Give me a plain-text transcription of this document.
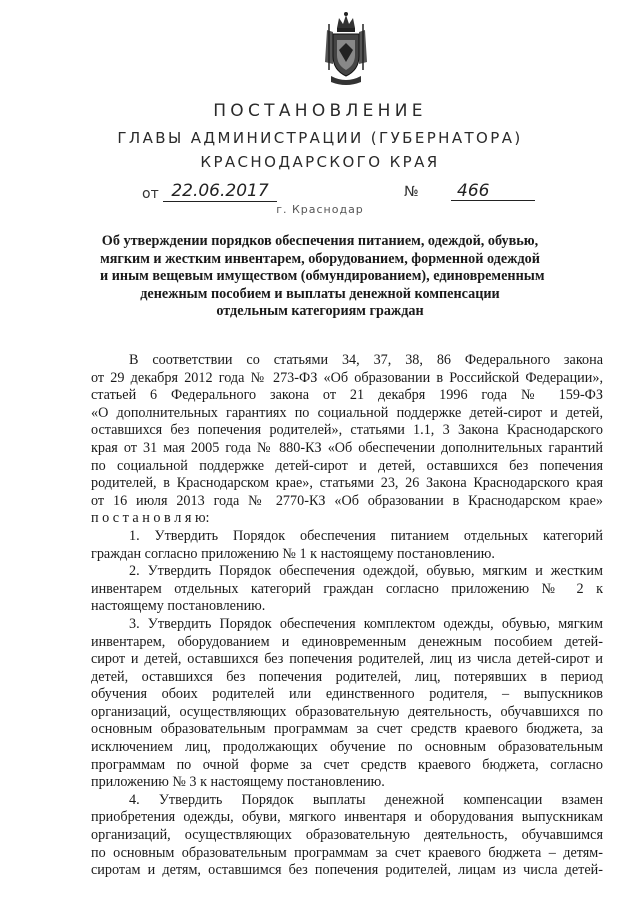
ПОСТАНОВЛЕНИЕ
ГЛАВЫ АДМИНИСТРАЦИИ (ГУБЕРНАТОРА)
КРАСНОДАРСКОГО КРАЯ
от 22.06.2017	№	466
г. Краснодар
Об утверждении порядков обеспечения питанием, одеждой, обувью,
мягким и жестким инвентарем, оборудованием, форменной одеждой
и иным вещевым имуществом (обмундированием), единовременным
денежным пособием и выплаты денежной компенсации
отдельным категориям граждан
В соответствии со статьями 34, 37, 38, 86 Федерального закона
от 29 декабря 2012 года № 273-ФЗ «Об образовании в Российской Федерации»,
статьей 6 Федерального закона от 21 декабря 1996 года № 159-ФЗ
«О дополнительных гарантиях по социальной поддержке детей-сирот и детей,
оставшихся без попечения родителей», статьями 1.1, 3 Закона Краснодарского
края от 31 мая 2005 года № 880-КЗ «Об обеспечении дополнительных гарантий
по социальной поддержке детей-сирот и детей, оставшихся без попечения
родителей, в Краснодарском крае», статьями 23, 26 Закона Краснодарского края
от 16 июля 2013 года № 2770-КЗ «Об образовании в Краснодарском крае»
п о с т а н о в л я ю:
1. Утвердить Порядок обеспечения питанием отдельных категорий
граждан согласно приложению № 1 к настоящему постановлению.
2. Утвердить Порядок обеспечения одеждой, обувью, мягким и жестким
инвентарем отдельных категорий граждан согласно приложению № 2 к
настоящему постановлению.
3. Утвердить Порядок обеспечения комплектом одежды, обувью, мягким
инвентарем, оборудованием и единовременным денежным пособием детей-
сирот и детей, оставшихся без попечения родителей, лиц из числа детей-сирот и
детей, оставшихся без попечения родителей, лиц, потерявших в период
обучения обоих родителей или единственного родителя, – выпускников
организаций, осуществляющих образовательную деятельность, обучавшихся по
основным образовательным программам за счет средств краевого бюджета, за
исключением лиц, продолжающих обучение по основным образовательным
программам по очной форме за счет средств краевого бюджета, согласно
приложению № 3 к настоящему постановлению.
4. Утвердить Порядок выплаты денежной компенсации взамен
приобретения одежды, обуви, мягкого инвентаря и оборудования выпускникам
организаций, осуществляющих образовательную деятельность, обучавшимся
по основным образовательным программам за счет краевого бюджета – детям-
сиротам и детям, оставшимся без попечения родителей, лицам из числа детей-
